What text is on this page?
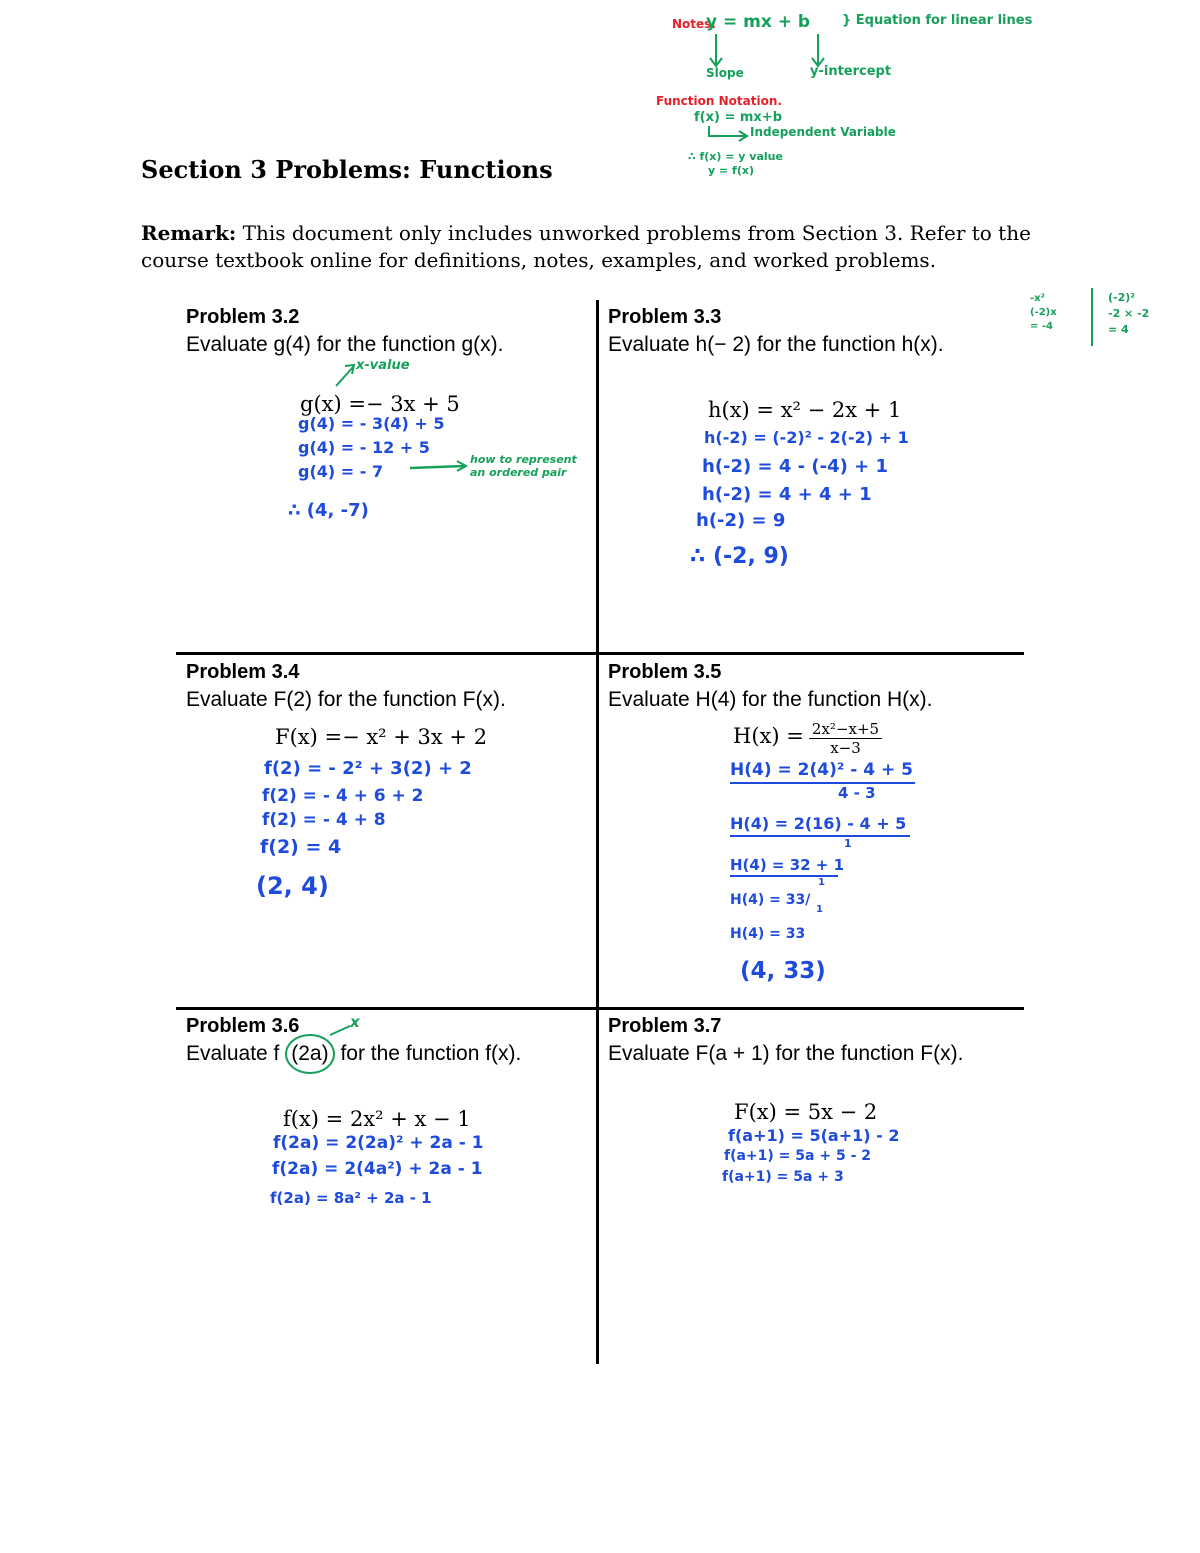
Notes:
y = mx + b } Equation for linear lines
Slope	y-intercept
Function Notation.
f(x) = mx+b
Independent Variable
∴ f(x) = y value
y = f(x)
-x²
(-2)x
= -4
(-2)²
-2 × -2
= 4
Section 3 Problems: Functions
Remark: This document only includes unworked problems from Section 3. Refer to the course textbook online for definitions, notes, examples, and worked problems.
Problem 3.2
Evaluate g(4) for the function g(x).
x-value
g(x) =− 3x + 5
g(4) = - 3(4) + 5
g(4) = - 12 + 5
g(4) = - 7
how to represent an ordered pair
∴ (4, -7)
Problem 3.3
Evaluate h(− 2) for the function h(x).
h(x) = x² − 2x + 1
h(-2) = (-2)² - 2(-2) + 1
h(-2) = 4 - (-4) + 1
h(-2) = 4 + 4 + 1
h(-2) = 9
∴ (-2, 9)
Problem 3.4
Evaluate F(2) for the function F(x).
F(x) =− x² + 3x + 2
f(2) = - 2² + 3(2) + 2
f(2) = - 4 + 6 + 2
f(2) = - 4 + 8
f(2) = 4
(2, 4)
Problem 3.5
Evaluate H(4) for the function H(x).
$H(x) = \frac{\text{2x²−x+5}}{x-3}$
H(4) = 2(4)² - 4 + 5
4 - 3
H(4) = 2(16) - 4 + 5
1
H(4) = 32 + 1
1
H(4) = 33/
1
H(4) = 33
(4, 33)
Problem 3.6
Evaluate f (2a) for the function f(x).
x
f(x) = 2x² + x − 1
f(2a) = 2(2a)² + 2a - 1
f(2a) = 2(4a²) + 2a - 1
f(2a) = 8a² + 2a - 1
Problem 3.7
Evaluate F(a + 1) for the function F(x).
F(x) = 5x − 2
f(a+1) = 5(a+1) - 2
f(a+1) = 5a + 5 - 2
f(a+1) = 5a + 3
